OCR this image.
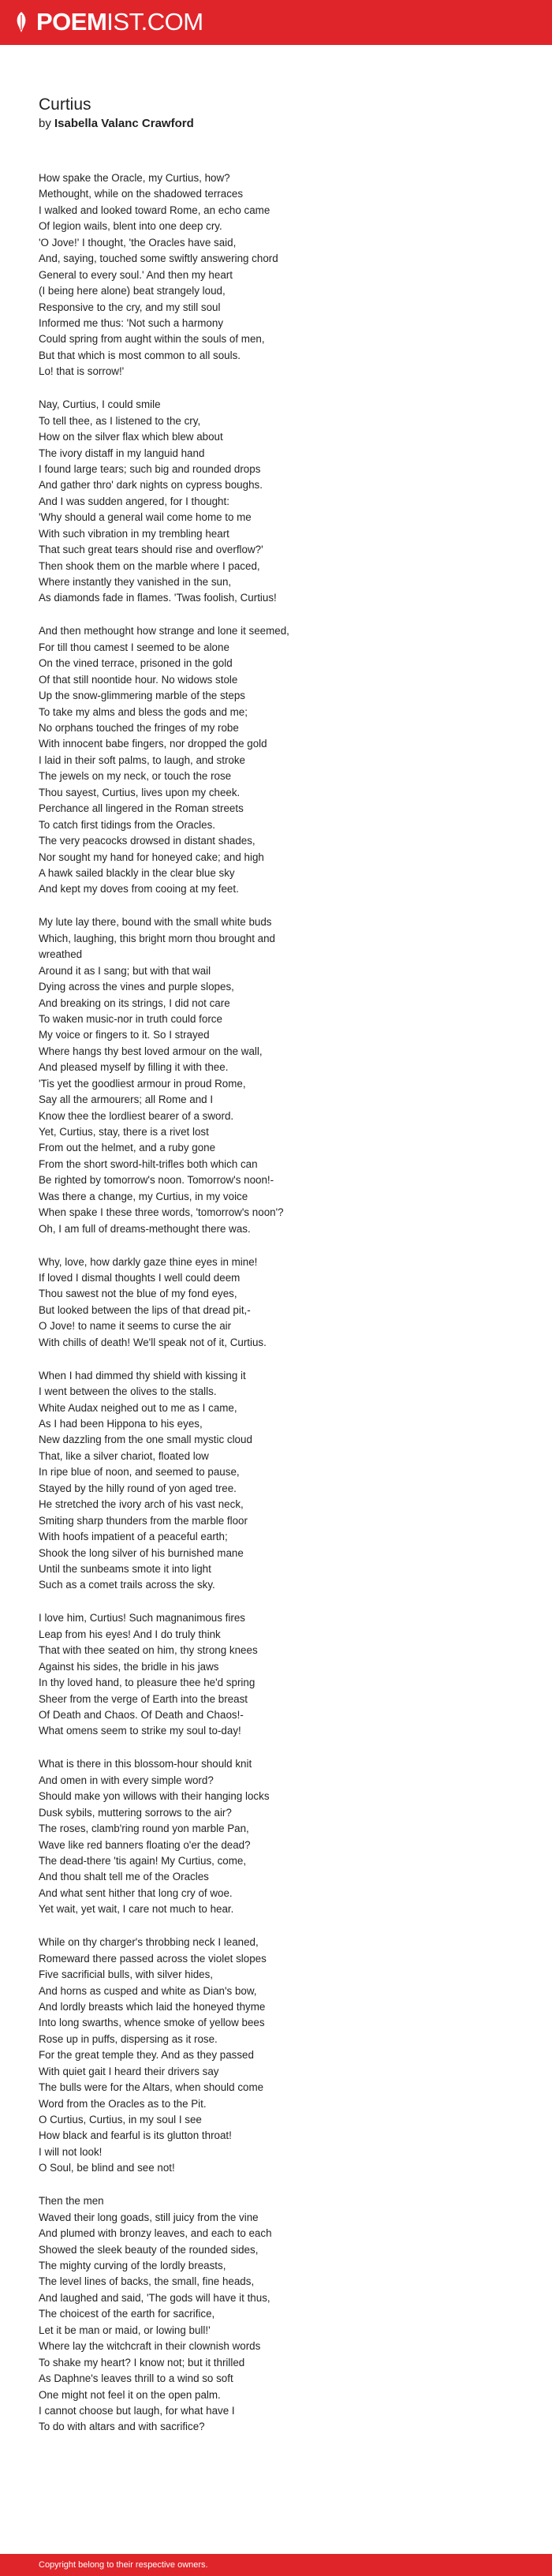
POEMIST.COM
Curtius
by Isabella Valanc Crawford
How spake the Oracle, my Curtius, how?
Methought, while on the shadowed terraces
I walked and looked toward Rome, an echo came
Of legion wails, blent into one deep cry.
'O Jove!' I thought, 'the Oracles have said,
And, saying, touched some swiftly answering chord
General to every soul.' And then my heart
(I being here alone) beat strangely loud,
Responsive to the cry, and my still soul
Informed me thus: 'Not such a harmony
Could spring from aught within the souls of men,
But that which is most common to all souls.
Lo! that is sorrow!'
Nay, Curtius, I could smile
To tell thee, as I listened to the cry,
How on the silver flax which blew about
The ivory distaff in my languid hand
I found large tears; such big and rounded drops
And gather thro' dark nights on cypress boughs.
And I was sudden angered, for I thought:
'Why should a general wail come home to me
With such vibration in my trembling heart
That such great tears should rise and overflow?'
Then shook them on the marble where I paced,
Where instantly they vanished in the sun,
As diamonds fade in flames. 'Twas foolish, Curtius!
And then methought how strange and lone it seemed,
For till thou camest I seemed to be alone
On the vined terrace, prisoned in the gold
Of that still noontide hour. No widows stole
Up the snow-glimmering marble of the steps
To take my alms and bless the gods and me;
No orphans touched the fringes of my robe
With innocent babe fingers, nor dropped the gold
I laid in their soft palms, to laugh, and stroke
The jewels on my neck, or touch the rose
Thou sayest, Curtius, lives upon my cheek.
Perchance all lingered in the Roman streets
To catch first tidings from the Oracles.
The very peacocks drowsed in distant shades,
Nor sought my hand for honeyed cake; and high
A hawk sailed blackly in the clear blue sky
And kept my doves from cooing at my feet.
My lute lay there, bound with the small white buds
Which, laughing, this bright morn thou brought and
wreathed
Around it as I sang; but with that wail
Dying across the vines and purple slopes,
And breaking on its strings, I did not care
To waken music-nor in truth could force
My voice or fingers to it. So I strayed
Where hangs thy best loved armour on the wall,
And pleased myself by filling it with thee.
'Tis yet the goodliest armour in proud Rome,
Say all the armourers; all Rome and I
Know thee the lordliest bearer of a sword.
Yet, Curtius, stay, there is a rivet lost
From out the helmet, and a ruby gone
From the short sword-hilt-trifles both which can
Be righted by tomorrow's noon. Tomorrow's noon!-
Was there a change, my Curtius, in my voice
When spake I these three words, 'tomorrow's noon'?
Oh, I am full of dreams-methought there was.
Why, love, how darkly gaze thine eyes in mine!
If loved I dismal thoughts I well could deem
Thou sawest not the blue of my fond eyes,
But looked between the lips of that dread pit,-
O Jove! to name it seems to curse the air
With chills of death! We'll speak not of it, Curtius.
When I had dimmed thy shield with kissing it
I went between the olives to the stalls.
White Audax neighed out to me as I came,
As I had been Hippona to his eyes,
New dazzling from the one small mystic cloud
That, like a silver chariot, floated low
In ripe blue of noon, and seemed to pause,
Stayed by the hilly round of yon aged tree.
He stretched the ivory arch of his vast neck,
Smiting sharp thunders from the marble floor
With hoofs impatient of a peaceful earth;
Shook the long silver of his burnished mane
Until the sunbeams smote it into light
Such as a comet trails across the sky.
I love him, Curtius! Such magnanimous fires
Leap from his eyes! And I do truly think
That with thee seated on him, thy strong knees
Against his sides, the bridle in his jaws
In thy loved hand, to pleasure thee he'd spring
Sheer from the verge of Earth into the breast
Of Death and Chaos. Of Death and Chaos!-
What omens seem to strike my soul to-day!
What is there in this blossom-hour should knit
And omen in with every simple word?
Should make yon willows with their hanging locks
Dusk sybils, muttering sorrows to the air?
The roses, clamb'ring round yon marble Pan,
Wave like red banners floating o'er the dead?
The dead-there 'tis again! My Curtius, come,
And thou shalt tell me of the Oracles
And what sent hither that long cry of woe.
Yet wait, yet wait, I care not much to hear.
While on thy charger's throbbing neck I leaned,
Romeward there passed across the violet slopes
Five sacrificial bulls, with silver hides,
And horns as cusped and white as Dian's bow,
And lordly breasts which laid the honeyed thyme
Into long swarths, whence smoke of yellow bees
Rose up in puffs, dispersing as it rose.
For the great temple they. And as they passed
With quiet gait I heard their drivers say
The bulls were for the Altars, when should come
Word from the Oracles as to the Pit.
O Curtius, Curtius, in my soul I see
How black and fearful is its glutton throat!
I will not look!
O Soul, be blind and see not!
Then the men
Waved their long goads, still juicy from the vine
And plumed with bronzy leaves, and each to each
Showed the sleek beauty of the rounded sides,
The mighty curving of the lordly breasts,
The level lines of backs, the small, fine heads,
And laughed and said, 'The gods will have it thus,
The choicest of the earth for sacrifice,
Let it be man or maid, or lowing bull!'
Where lay the witchcraft in their clownish words
To shake my heart? I know not; but it thrilled
As Daphne's leaves thrill to a wind so soft
One might not feel it on the open palm.
I cannot choose but laugh, for what have I
To do with altars and with sacrifice?
Copyright belong to their respective owners.
